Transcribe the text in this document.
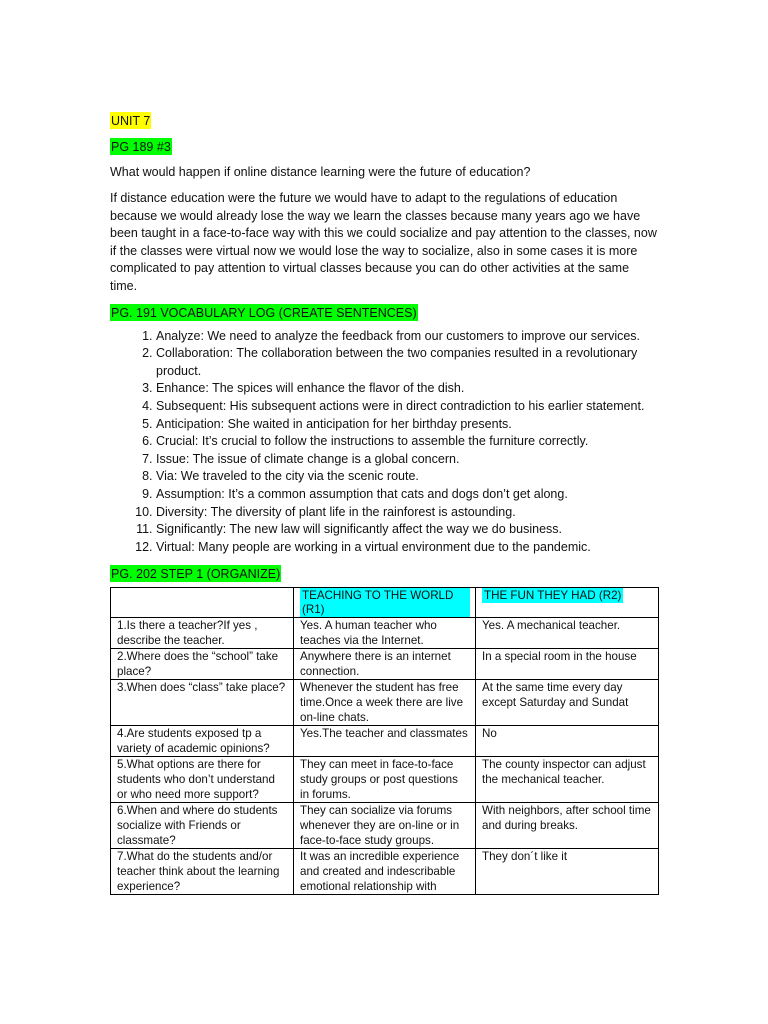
UNIT 7
PG 189 #3
What would happen if online distance learning were the future of education?
If distance education were the future we would have to adapt to the regulations of education because we would already lose the way we learn the classes because many years ago we have been taught in a face-to-face way with this we could socialize and pay attention to the classes, now if the classes were virtual now we would lose the way to socialize, also in some cases it is more complicated to pay attention to virtual classes because you can do other activities at the same time.
PG. 191 VOCABULARY LOG (CREATE SENTENCES)
1. Analyze: We need to analyze the feedback from our customers to improve our services.
2. Collaboration: The collaboration between the two companies resulted in a revolutionary product.
3. Enhance: The spices will enhance the flavor of the dish.
4. Subsequent: His subsequent actions were in direct contradiction to his earlier statement.
5. Anticipation: She waited in anticipation for her birthday presents.
6. Crucial: It’s crucial to follow the instructions to assemble the furniture correctly.
7. Issue: The issue of climate change is a global concern.
8. Via: We traveled to the city via the scenic route.
9. Assumption: It’s a common assumption that cats and dogs don’t get along.
10. Diversity: The diversity of plant life in the rainforest is astounding.
11. Significantly: The new law will significantly affect the way we do business.
12. Virtual: Many people are working in a virtual environment due to the pandemic.
PG. 202 STEP 1 (ORGANIZE)
	TEACHING TO THE WORLD (R1)	THE FUN THEY HAD (R2)
1.Is there a teacher?If yes , describe the teacher.	Yes. A human teacher who teaches via the Internet.	Yes. A mechanical teacher.
2.Where does the “school” take place?	Anywhere there is an internet connection.	In a special room in the house
3.When does “class” take place?	Whenever the student has free time.Once a week there are live on-line chats.	At the same time every day except Saturday and Sundat
4.Are students exposed tp a variety of academic opinions?	Yes.The teacher and classmates	No
5.What options are there for students who don’t understand or who need more support?	They can meet in face-to-face study groups or post questions in forums.	The county inspector can adjust the mechanical teacher.
6.When and where do students socialize with Friends or classmate?	They can socialize via forums whenever they are on-line or in face-to-face study groups.	With neighbors, after school time and during breaks.
7.What do the students and/or teacher think about the learning experience?	It was an incredible experience and created and indescribable emotional relationship with	They don´t like it
